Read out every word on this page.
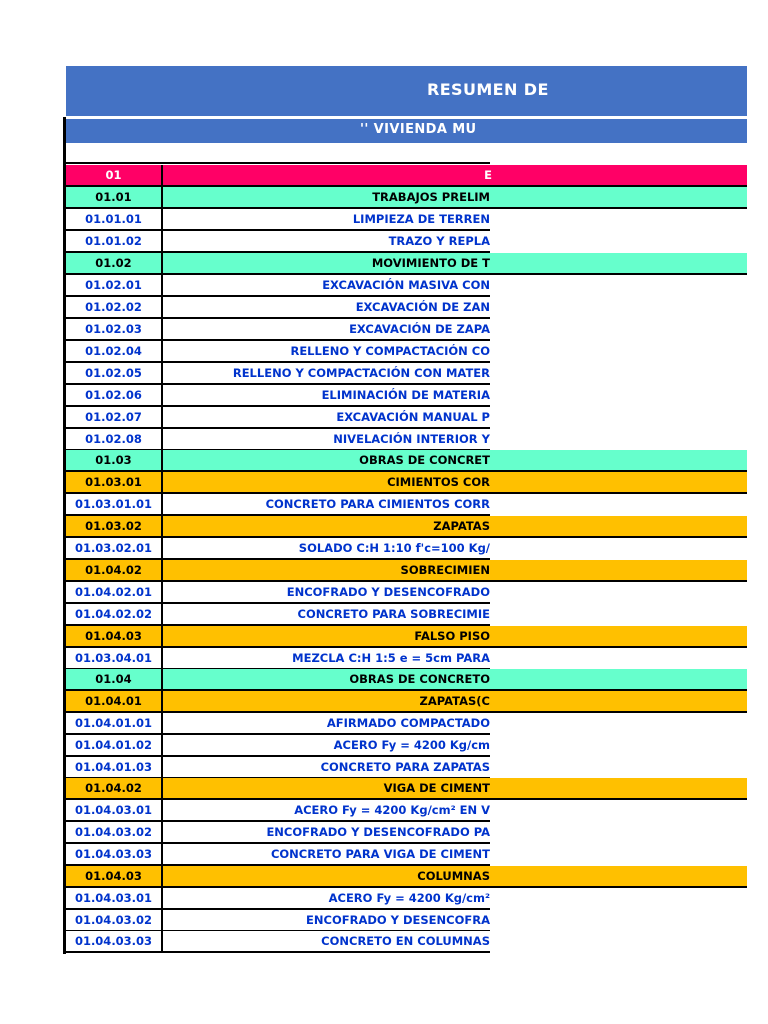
RESUMEN DE
'' VIVIENDA MU
01	E
01.01	TRABAJOS PRELIM
01.01.01	LIMPIEZA DE TERREN
01.01.02	TRAZO Y REPLA
01.02	MOVIMIENTO DE T
01.02.01	EXCAVACIÓN MASIVA CON
01.02.02	EXCAVACIÓN DE ZAN
01.02.03	EXCAVACIÓN DE ZAPA
01.02.04	RELLENO Y COMPACTACIÓN CO
01.02.05	RELLENO Y COMPACTACIÓN CON MATER
01.02.06	ELIMINACIÓN DE MATERIA
01.02.07	EXCAVACIÓN MANUAL P
01.02.08	NIVELACIÓN INTERIOR Y
01.03	OBRAS DE CONCRET
01.03.01	CIMIENTOS COR
01.03.01.01	CONCRETO PARA CIMIENTOS CORR
01.03.02	ZAPATAS
01.03.02.01	SOLADO C:H 1:10 f'c=100 Kg/
01.04.02	SOBRECIMIEN
01.04.02.01	ENCOFRADO Y DESENCOFRADO
01.04.02.02	CONCRETO PARA SOBRECIMIE
01.04.03	FALSO PISO
01.03.04.01	MEZCLA C:H 1:5 e = 5cm PARA
01.04	OBRAS DE CONCRETO
01.04.01	ZAPATAS(C
01.04.01.01	AFIRMADO COMPACTADO
01.04.01.02	ACERO Fy = 4200 Kg/cm
01.04.01.03	CONCRETO PARA ZAPATAS
01.04.02	VIGA DE CIMENT
01.04.03.01	ACERO Fy = 4200 Kg/cm² EN V
01.04.03.02	ENCOFRADO Y DESENCOFRADO PA
01.04.03.03	CONCRETO PARA VIGA DE CIMENT
01.04.03	COLUMNAS
01.04.03.01	ACERO Fy = 4200 Kg/cm²
01.04.03.02	ENCOFRADO Y DESENCOFRA
01.04.03.03	CONCRETO EN COLUMNAS
